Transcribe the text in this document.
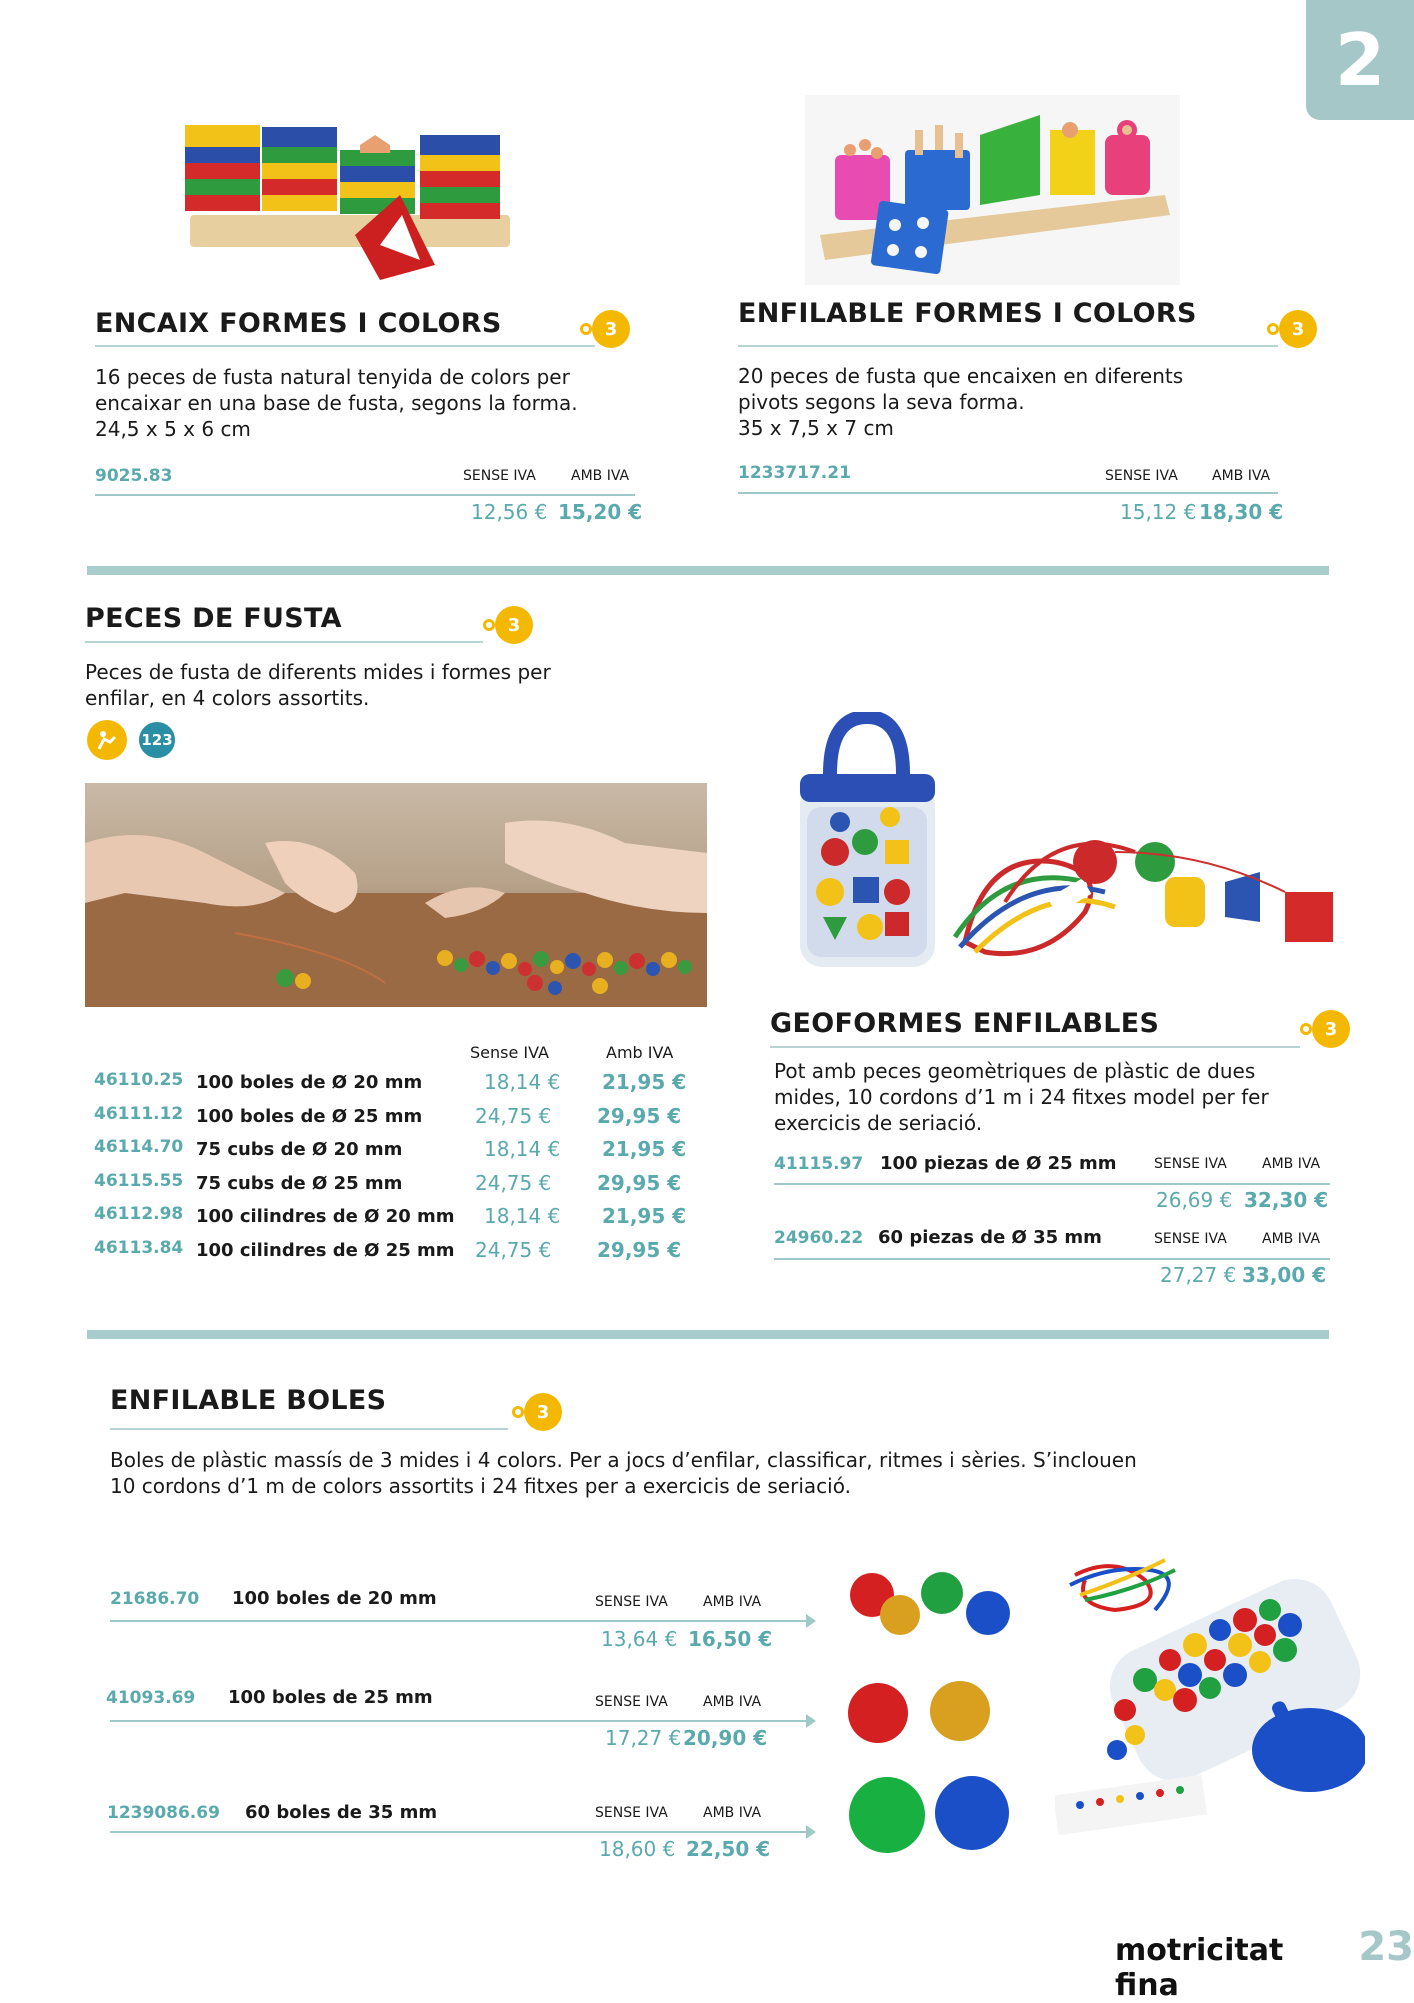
2
ENCAIX FORMES I COLORS	3
16 peces de fusta natural tenyida de colors per
encaixar en una base de fusta, segons la forma.
24,5 x 5 x 6 cm
9025.83	SENSE IVA	AMB IVA
12,56 € 15,20 €
ENFILABLE FORMES I COLORS	3
20 peces de fusta que encaixen en diferents
pivots segons la seva forma.
35 x 7,5 x 7 cm
1233717.21	SENSE IVA AMB IVA
15,12 € 18,30 €
PECES DE FUSTA	3
Peces de fusta de diferents mides i formes per
enfilar, en 4 colors assortits.
123
Sense IVA	Amb IVA
46110.25 100 boles de Ø 20 mm	18,14 € 21,95 €
46111.12 100 boles de Ø 25 mm	24,75 € 29,95 €
46114.70 75 cubs de Ø 20 mm	18,14 € 21,95 €
46115.55 75 cubs de Ø 25 mm	24,75 € 29,95 €
46112.98 100 cilindres de Ø 20 mm 18,14 € 21,95 €
46113.84 100 cilindres de Ø 25 mm 24,75 € 29,95 €
GEOFORMES ENFILABLES	3
Pot amb peces geomètriques de plàstic de dues
mides, 10 cordons d’1 m i 24 fitxes model per fer
exercicis de seriació.
41115.97 100 piezas de Ø 25 mm	SENSE IVA	AMB IVA
26,69 € 32,30 €
24960.22 60 piezas de Ø 35 mm	SENSE IVA	AMB IVA
27,27 € 33,00 €
ENFILABLE BOLES	3
Boles de plàstic massís de 3 mides i 4 colors. Per a jocs d’enfilar, classificar, ritmes i sèries. S’inclouen
10 cordons d’1 m de colors assortits i 24 fitxes per a exercicis de seriació.
21686.70 100 boles de 20 mm	SENSE IVA	AMB IVA
13,64 € 16,50 €
41093.69 100 boles de 25 mm	SENSE IVA	AMB IVA
17,27 € 20,90 €
1239086.69 60 boles de 35 mm	SENSE IVA	AMB IVA
18,60 € 22,50 €
motricitat fina
23
